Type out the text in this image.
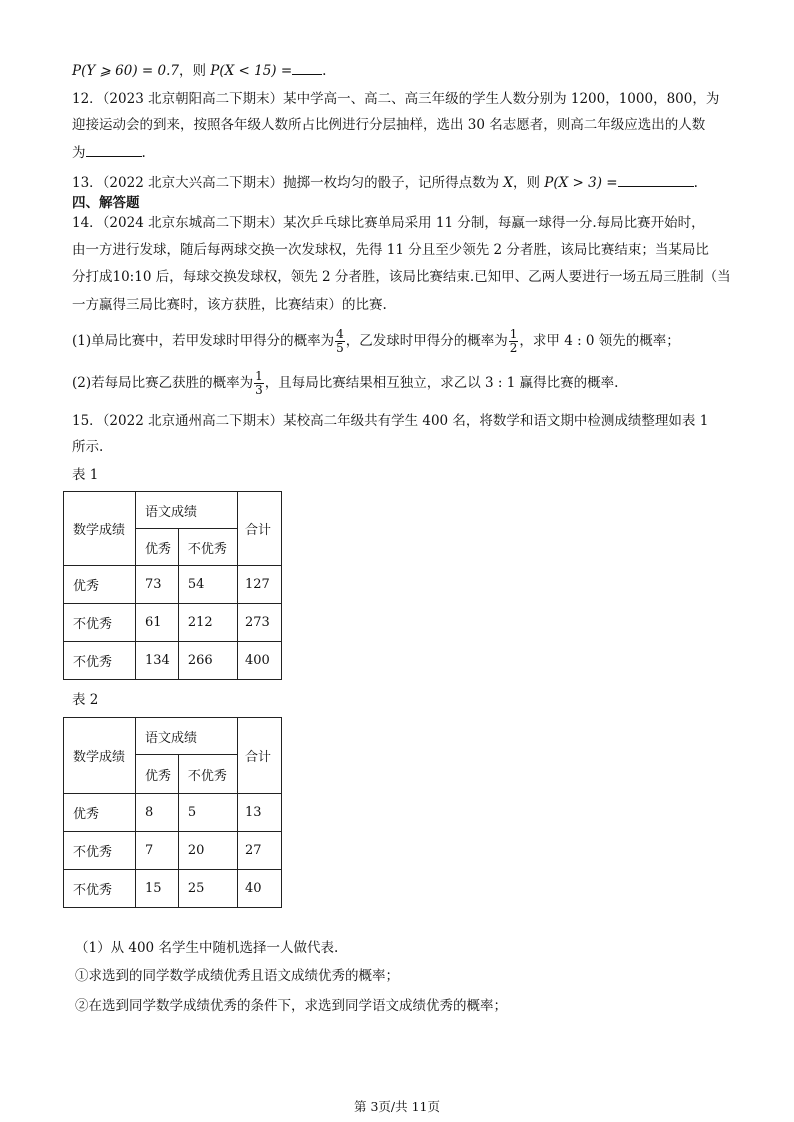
P(Y ⩾ 60) = 0.7，则 P(X < 15) = .
12．（2023 北京朝阳高二下期末）某中学高一、高二、高三年级的学生人数分别为 1200，1000，800，为
迎接运动会的到来，按照各年级人数所占比例进行分层抽样，选出 30 名志愿者，则高二年级应选出的人数
为	.
13．（2022 北京大兴高二下期末）抛掷一枚均匀的骰子，记所得点数为 X，则 P(X > 3) =	.
四、解答题
14．（2024 北京东城高二下期末）某次乒乓球比赛单局采用 11 分制，每赢一球得一分.每局比赛开始时，
由一方进行发球，随后每两球交换一次发球权，先得 11 分且至少领先 2 分者胜，该局比赛结束；当某局比
分打成10:10 后，每球交换发球权，领先 2 分者胜，该局比赛结束.已知甲、乙两人要进行一场五局三胜制（当
一方赢得三局比赛时，该方获胜，比赛结束）的比赛.
(1)单局比赛中，若甲发球时甲得分的概率为 $\frac{4}{5}$ ，乙发球时甲得分的概率为 $\frac{1}{2}$ ，求甲 4 : 0 领先的概率；
(2)若每局比赛乙获胜的概率为 $\frac{1}{3}$ ，且每局比赛结果相互独立，求乙以 3 : 1 赢得比赛的概率.
15．（2022 北京通州高二下期末）某校高二年级共有学生 400 名，将数学和语文期中检测成绩整理如表 1
所示.
表 1
数学成绩	语文成绩		合计
	优秀	不优秀	
优秀	73	54	127
不优秀	61	212	273
不优秀	134	266	400
表 2
数学成绩	语文成绩		合计
	优秀	不优秀	
优秀	8	5	13
不优秀	7	20	27
不优秀	15	25	40
（1）从 400 名学生中随机选择一人做代表.
①求选到的同学数学成绩优秀且语文成绩优秀的概率；
②在选到同学数学成绩优秀的条件下，求选到同学语文成绩优秀的概率；
第 3页/共 11页
